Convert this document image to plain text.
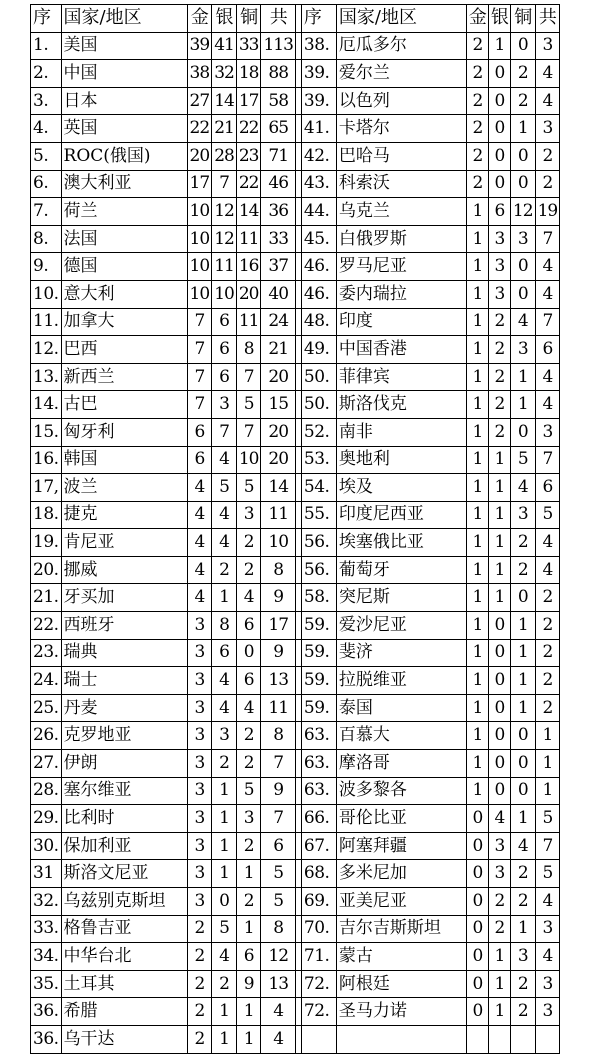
序	国家/地区	金	银	铜	共		序	国家/地区	金	银	铜	共
1.	美国	39	41	33	113		38.	厄瓜多尔	2	1	0	3
2.	中国	38	32	18	88		39.	爱尔兰	2	0	2	4
3.	日本	27	14	17	58		39.	以色列	2	0	2	4
4.	英国	22	21	22	65		41.	卡塔尔	2	0	1	3
5.	ROC(俄国)	20	28	23	71		42.	巴哈马	2	0	0	2
6.	澳大利亚	17	7	22	46		43.	科索沃	2	0	0	2
7.	荷兰	10	12	14	36		44.	乌克兰	1	6	12	19
8.	法国	10	12	11	33		45.	白俄罗斯	1	3	3	7
9.	德国	10	11	16	37		46.	罗马尼亚	1	3	0	4
10.	意大利	10	10	20	40		46.	委内瑞拉	1	3	0	4
11.	加拿大	7	6	11	24		48.	印度	1	2	4	7
12.	巴西	7	6	8	21		49.	中国香港	1	2	3	6
13.	新西兰	7	6	7	20		50.	菲律宾	1	2	1	4
14.	古巴	7	3	5	15		50.	斯洛伐克	1	2	1	4
15.	匈牙利	6	7	7	20		52.	南非	1	2	0	3
16.	韩国	6	4	10	20		53.	奥地利	1	1	5	7
17,	波兰	4	5	5	14		54.	埃及	1	1	4	6
18.	捷克	4	4	3	11		55.	印度尼西亚	1	1	3	5
19.	肯尼亚	4	4	2	10		56.	埃塞俄比亚	1	1	2	4
20.	挪威	4	2	2	8		56.	葡萄牙	1	1	2	4
21.	牙买加	4	1	4	9		58.	突尼斯	1	1	0	2
22.	西班牙	3	8	6	17		59.	爱沙尼亚	1	0	1	2
23.	瑞典	3	6	0	9		59.	斐济	1	0	1	2
24.	瑞士	3	4	6	13		59.	拉脱维亚	1	0	1	2
25.	丹麦	3	4	4	11		59.	泰国	1	0	1	2
26.	克罗地亚	3	3	2	8		63.	百慕大	1	0	0	1
27.	伊朗	3	2	2	7		63.	摩洛哥	1	0	0	1
28.	塞尔维亚	3	1	5	9		63.	波多黎各	1	0	0	1
29.	比利时	3	1	3	7		66.	哥伦比亚	0	4	1	5
30.	保加利亚	3	1	2	6		67.	阿塞拜疆	0	3	4	7
31	斯洛文尼亚	3	1	1	5		68.	多米尼加	0	3	2	5
32.	乌兹别克斯坦	3	0	2	5		69.	亚美尼亚	0	2	2	4
33.	格鲁吉亚	2	5	1	8		70.	吉尔吉斯斯坦	0	2	1	3
34.	中华台北	2	4	6	12		71.	蒙古	0	1	3	4
35.	土耳其	2	2	9	13		72.	阿根廷	0	1	2	3
36.	希腊	2	1	1	4		72.	圣马力诺	0	1	2	3
36.	乌干达	2	1	1	4							
